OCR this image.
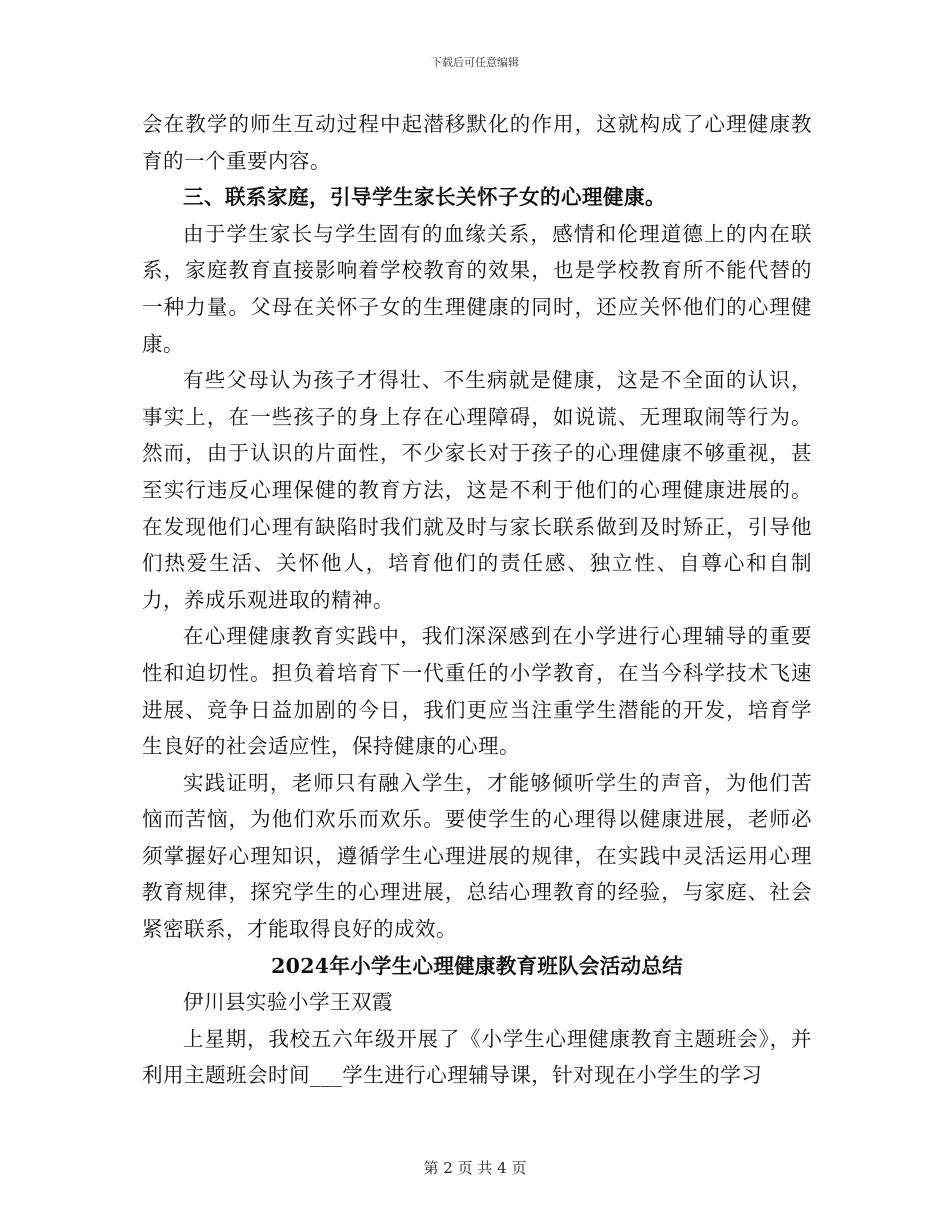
下载后可任意编辑

会在教学的师生互动过程中起潜移默化的作用，这就构成了心理健康教育的一个重要内容。

三、联系家庭，引导学生家长关怀子女的心理健康。

由于学生家长与学生固有的血缘关系，感情和伦理道德上的内在联系，家庭教育直接影响着学校教育的效果，也是学校教育所不能代替的一种力量。父母在关怀子女的生理健康的同时，还应关怀他们的心理健康。

有些父母认为孩子才得壮、不生病就是健康，这是不全面的认识，事实上，在一些孩子的身上存在心理障碍，如说谎、无理取闹等行为。然而，由于认识的片面性，不少家长对于孩子的心理健康不够重视，甚至实行违反心理保健的教育方法，这是不利于他们的心理健康进展的。在发现他们心理有缺陷时我们就及时与家长联系做到及时矫正，引导他们热爱生活、关怀他人，培育他们的责任感、独立性、自尊心和自制力，养成乐观进取的精神。

在心理健康教育实践中，我们深深感到在小学进行心理辅导的重要性和迫切性。担负着培育下一代重任的小学教育，在当今科学技术飞速进展、竞争日益加剧的今日，我们更应当注重学生潜能的开发，培育学生良好的社会适应性，保持健康的心理。

实践证明，老师只有融入学生，才能够倾听学生的声音，为他们苦恼而苦恼，为他们欢乐而欢乐。要使学生的心理得以健康进展，老师必须掌握好心理知识，遵循学生心理进展的规律，在实践中灵活运用心理教育规律，探究学生的心理进展，总结心理教育的经验，与家庭、社会紧密联系，才能取得良好的成效。

2024年小学生心理健康教育班队会活动总结

伊川县实验小学王双霞

上星期，我校五六年级开展了《小学生心理健康教育主题班会》，并利用主题班会时间___学生进行心理辅导课，针对现在小学生的学习

第 2 页 共 4 页
